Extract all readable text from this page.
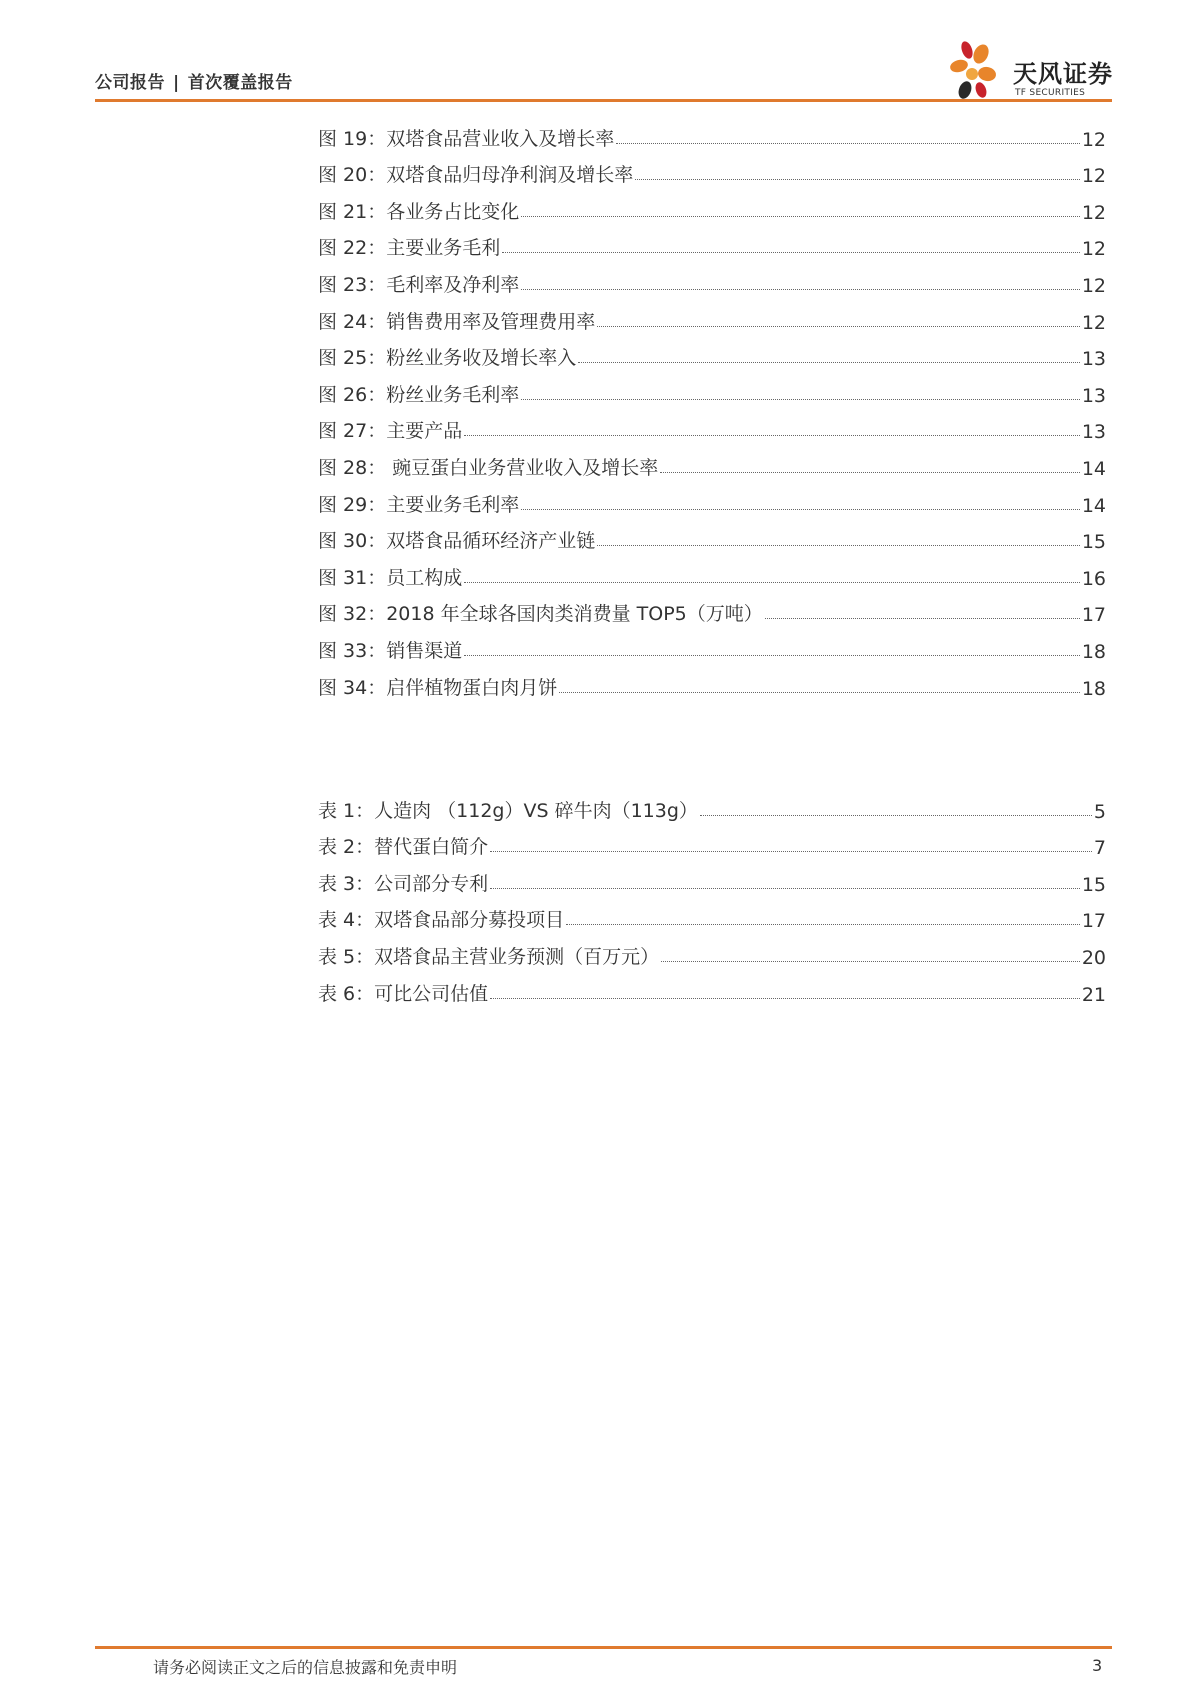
公司报告 | 首次覆盖报告	天风证券
TF SECURITIES
图 19：双塔食品营业收入及增长率	12
图 20：双塔食品归母净利润及增长率	12
图 21：各业务占比变化	12
图 22：主要业务毛利	12
图 23：毛利率及净利率	12
图 24：销售费用率及管理费用率	12
图 25：粉丝业务收及增长率入	13
图 26：粉丝业务毛利率	13
图 27：主要产品	13
图 28： 豌豆蛋白业务营业收入及增长率	14
图 29：主要业务毛利率	14
图 30：双塔食品循环经济产业链	15
图 31：员工构成	16
图 32：2018 年全球各国肉类消费量 TOP5（万吨）	17
图 33：销售渠道	18
图 34：启伴植物蛋白肉月饼	18
表 1：人造肉 （112g）VS 碎牛肉（113g）	5
表 2：替代蛋白简介	7
表 3：公司部分专利	15
表 4：双塔食品部分募投项目	17
表 5：双塔食品主营业务预测（百万元）	20
表 6：可比公司估值	21
请务必阅读正文之后的信息披露和免责申明	3
